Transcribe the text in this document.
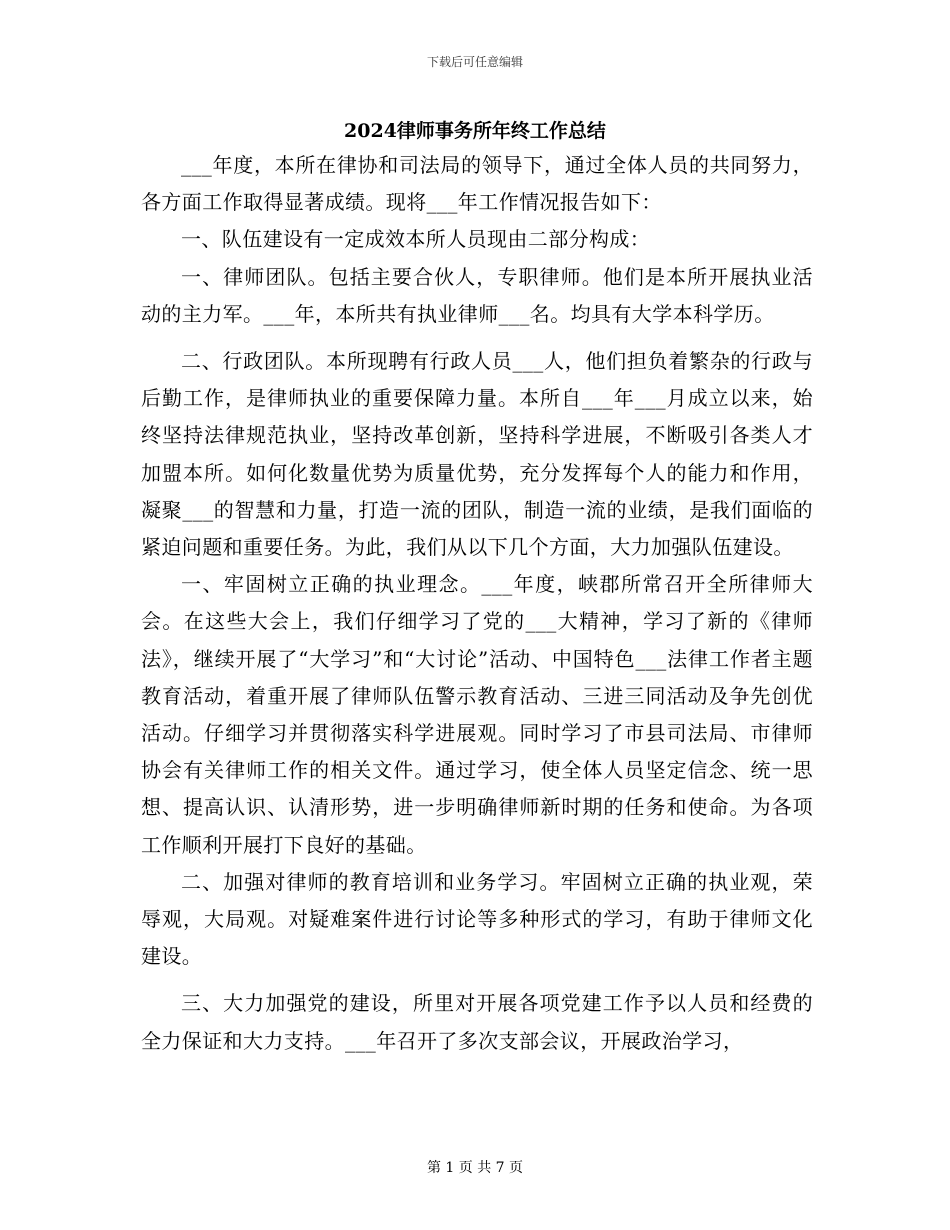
下载后可任意编辑
2024律师事务所年终工作总结

___年度，本所在律协和司法局的领导下，通过全体人员的共同努力，各方面工作取得显著成绩。现将___年工作情况报告如下：

一、队伍建设有一定成效本所人员现由二部分构成：

一、律师团队。包括主要合伙人，专职律师。他们是本所开展执业活动的主力军。___年，本所共有执业律师___名。均具有大学本科学历。

二、行政团队。本所现聘有行政人员___人，他们担负着繁杂的行政与后勤工作，是律师执业的重要保障力量。本所自___年___月成立以来，始终坚持法律规范执业，坚持改革创新，坚持科学进展，不断吸引各类人才加盟本所。如何化数量优势为质量优势，充分发挥每个人的能力和作用，凝聚___的智慧和力量，打造一流的团队，制造一流的业绩，是我们面临的紧迫问题和重要任务。为此，我们从以下几个方面，大力加强队伍建设。

一、牢固树立正确的执业理念。___年度，峡郡所常召开全所律师大会。在这些大会上，我们仔细学习了党的___大精神，学习了新的《律师法》，继续开展了“大学习”和“大讨论”活动、中国特色___法律工作者主题教育活动，着重开展了律师队伍警示教育活动、三进三同活动及争先创优活动。仔细学习并贯彻落实科学进展观。同时学习了市县司法局、市律师协会有关律师工作的相关文件。通过学习，使全体人员坚定信念、统一思想、提高认识、认清形势，进一步明确律师新时期的任务和使命。为各项工作顺利开展打下良好的基础。

二、加强对律师的教育培训和业务学习。牢固树立正确的执业观，荣辱观，大局观。对疑难案件进行讨论等多种形式的学习，有助于律师文化建设。

三、大力加强党的建设，所里对开展各项党建工作予以人员和经费的全力保证和大力支持。___年召开了多次支部会议，开展政治学习，

第 1 页 共 7 页
